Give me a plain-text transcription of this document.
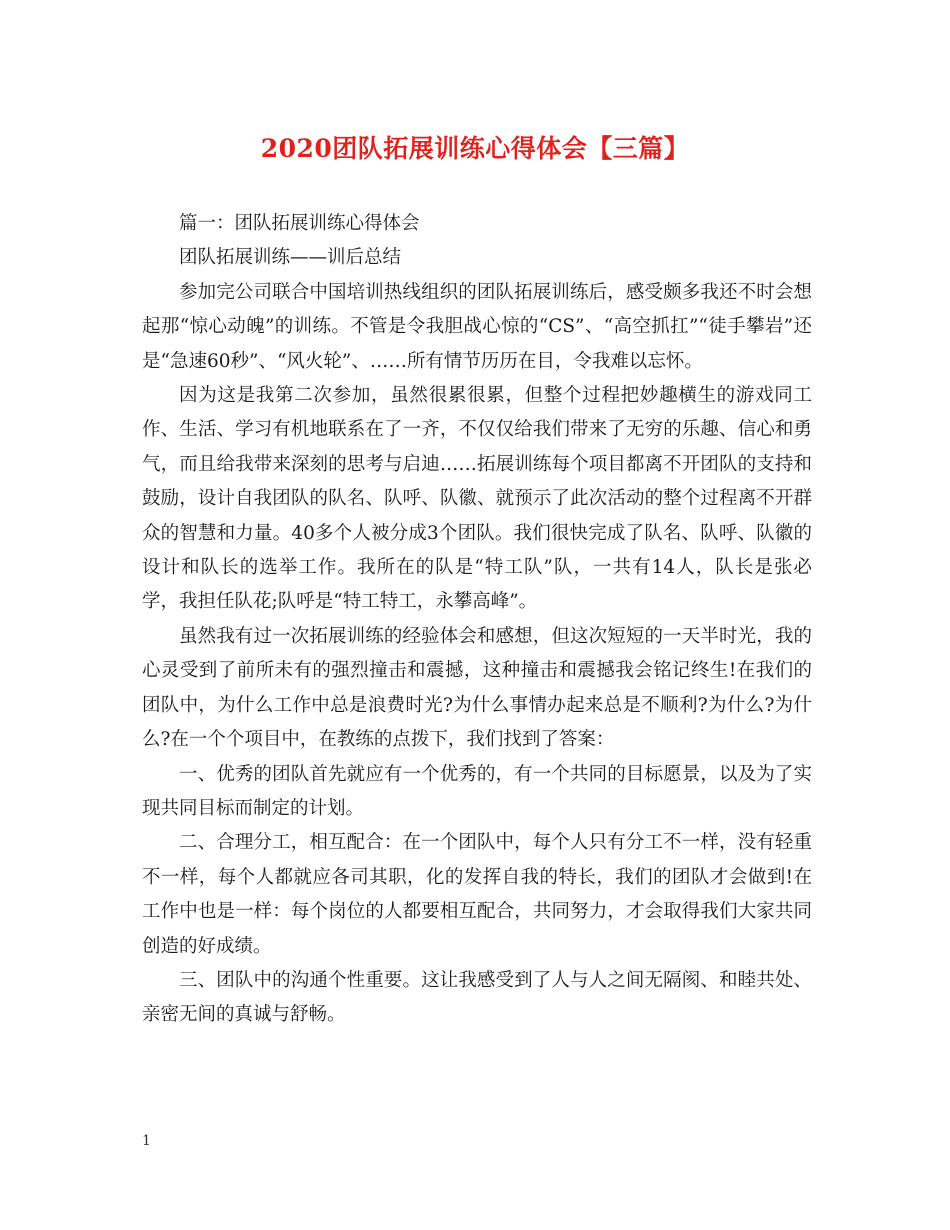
2020团队拓展训练心得体会【三篇】

篇一：团队拓展训练心得体会

团队拓展训练——训后总结

参加完公司联合中国培训热线组织的团队拓展训练后，感受颇多我还不时会想起那“惊心动魄”的训练。不管是令我胆战心惊的“CS”、“高空抓扛”“徒手攀岩”还是“急速60秒”、“风火轮”、……所有情节历历在目，令我难以忘怀。

因为这是我第二次参加，虽然很累很累，但整个过程把妙趣横生的游戏同工作、生活、学习有机地联系在了一齐，不仅仅给我们带来了无穷的乐趣、信心和勇气，而且给我带来深刻的思考与启迪……拓展训练每个项目都离不开团队的支持和鼓励，设计自我团队的队名、队呼、队徽、就预示了此次活动的整个过程离不开群众的智慧和力量。40多个人被分成3个团队。我们很快完成了队名、队呼、队徽的设计和队长的选举工作。我所在的队是“特工队”队，一共有14人，队长是张必学，我担任队花;队呼是“特工特工，永攀高峰”。

虽然我有过一次拓展训练的经验体会和感想，但这次短短的一天半时光，我的心灵受到了前所未有的强烈撞击和震撼，这种撞击和震撼我会铭记终生!在我们的团队中，为什么工作中总是浪费时光?为什么事情办起来总是不顺利?为什么?为什么?在一个个项目中，在教练的点拨下，我们找到了答案：

一、优秀的团队首先就应有一个优秀的，有一个共同的目标愿景，以及为了实现共同目标而制定的计划。

二、合理分工，相互配合：在一个团队中，每个人只有分工不一样，没有轻重不一样，每个人都就应各司其职，化的发挥自我的特长，我们的团队才会做到!在工作中也是一样：每个岗位的人都要相互配合，共同努力，才会取得我们大家共同创造的好成绩。

三、团队中的沟通个性重要。这让我感受到了人与人之间无隔阂、和睦共处、亲密无间的真诚与舒畅。

1
